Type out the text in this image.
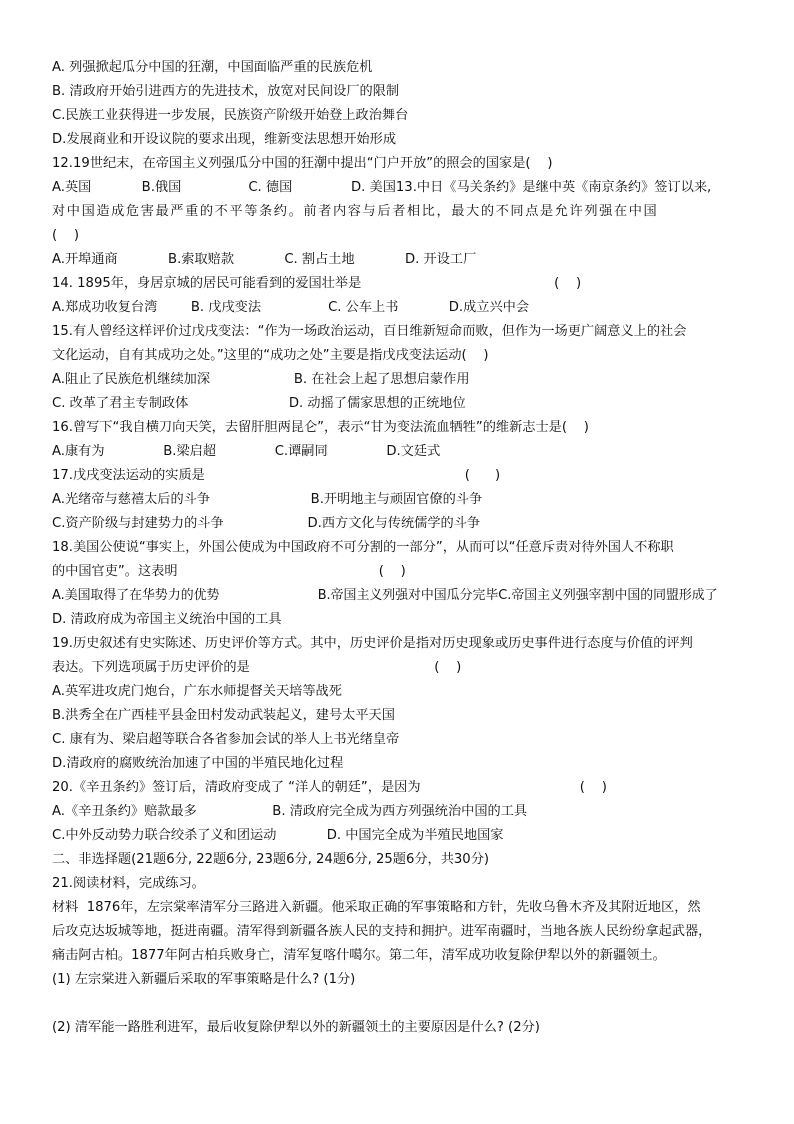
A. 列强掀起瓜分中国的狂潮，中国面临严重的民族危机
B. 清政府开始引进西方的先进技术，放宽对民间设厂的限制
C.民族工业获得进一步发展，民族资产阶级开始登上政治舞台
D.发展商业和开设议院的要求出现，维新变法思想开始形成
12.19世纪末，在帝国主义列强瓜分中国的狂潮中提出“门户开放”的照会的国家是(    )
A.英国            B.俄国                C. 德国              D. 美国13.中日《马关条约》是继中英《南京条约》签订以来,
对中国造成危害最严重的不平等条约。前者内容与后者相比，最大的不同点是允许列强在中国
(    )
A.开埠通商            B.索取赔款            C. 割占土地            D. 开设工厂
14. 1895年，身居京城的居民可能看到的爱国壮举是                                              (    )
A.郑成功收复台湾        B. 戊戌变法                C. 公车上书            D.成立兴中会
15.有人曾经这样评价过戊戌变法：“作为一场政治运动，百日维新短命而败，但作为一场更广阔意义上的社会
文化运动，自有其成功之处。”这里的“成功之处”主要是指戊戌变法运动(    )
A.阻止了民族危机继续加深                    B. 在社会上起了思想启蒙作用
C. 改革了君主专制政体                        D. 动摇了儒家思想的正统地位
16.曾写下“我自横刀向天笑，去留肝胆两昆仑”，表示“甘为变法流血牺牲”的维新志士是(    )
A.康有为              B.梁启超              C.谭嗣同              D.文廷式
17.戊戌变法运动的实质是                                                              (      )
A.光绪帝与慈禧太后的斗争                        B.开明地主与顽固官僚的斗争
C.资产阶级与封建势力的斗争                    D.西方文化与传统儒学的斗争
18.美国公使说“事实上，外国公使成为中国政府不可分割的一部分”，从而可以“任意斥责对待外国人不称职
的中国官吏”。这表明                                                (    )
A.美国取得了在华势力的优势                        B.帝国主义列强对中国瓜分完毕C.帝国主义列强宰割中国的同盟形成了
D. 清政府成为帝国主义统治中国的工具
19.历史叙述有史实陈述、历史评价等方式。其中，历史评价是指对历史现象或历史事件进行态度与价值的评判
表达。下列选项属于历史评价的是                                            (    )
A.英军进攻虎门炮台，广东水师提督关天培等战死
B.洪秀全在广西桂平县金田村发动武装起义，建号太平天国
C. 康有为、梁启超等联合各省参加会试的举人上书光绪皇帝
D.清政府的腐败统治加速了中国的半殖民地化过程
20.《辛丑条约》签订后，清政府变成了 “洋人的朝廷”，是因为                                      (    )
A.《辛丑条约》赔款最多                  B. 清政府完全成为西方列强统治中国的工具
C.中外反动势力联合绞杀了义和团运动            D. 中国完全成为半殖民地国家
二、非选择题(21题6分, 22题6分, 23题6分, 24题6分, 25题6分，共30分)
21.阅读材料，完成练习。
材料  1876年，左宗棠率清军分三路进入新疆。他采取正确的军事策略和方针，先收乌鲁木齐及其附近地区，然
后攻克达坂城等地，挺进南疆。清军得到新疆各族人民的支持和拥护。进军南疆时，当地各族人民纷纷拿起武器，
痛击阿古柏。1877年阿古柏兵败身亡，清军复喀什噶尔。第二年，清军成功收复除伊犁以外的新疆领土。
(1) 左宗棠进入新疆后采取的军事策略是什么? (1分)
(2) 清军能一路胜利进军，最后收复除伊犁以外的新疆领土的主要原因是什么? (2分)
